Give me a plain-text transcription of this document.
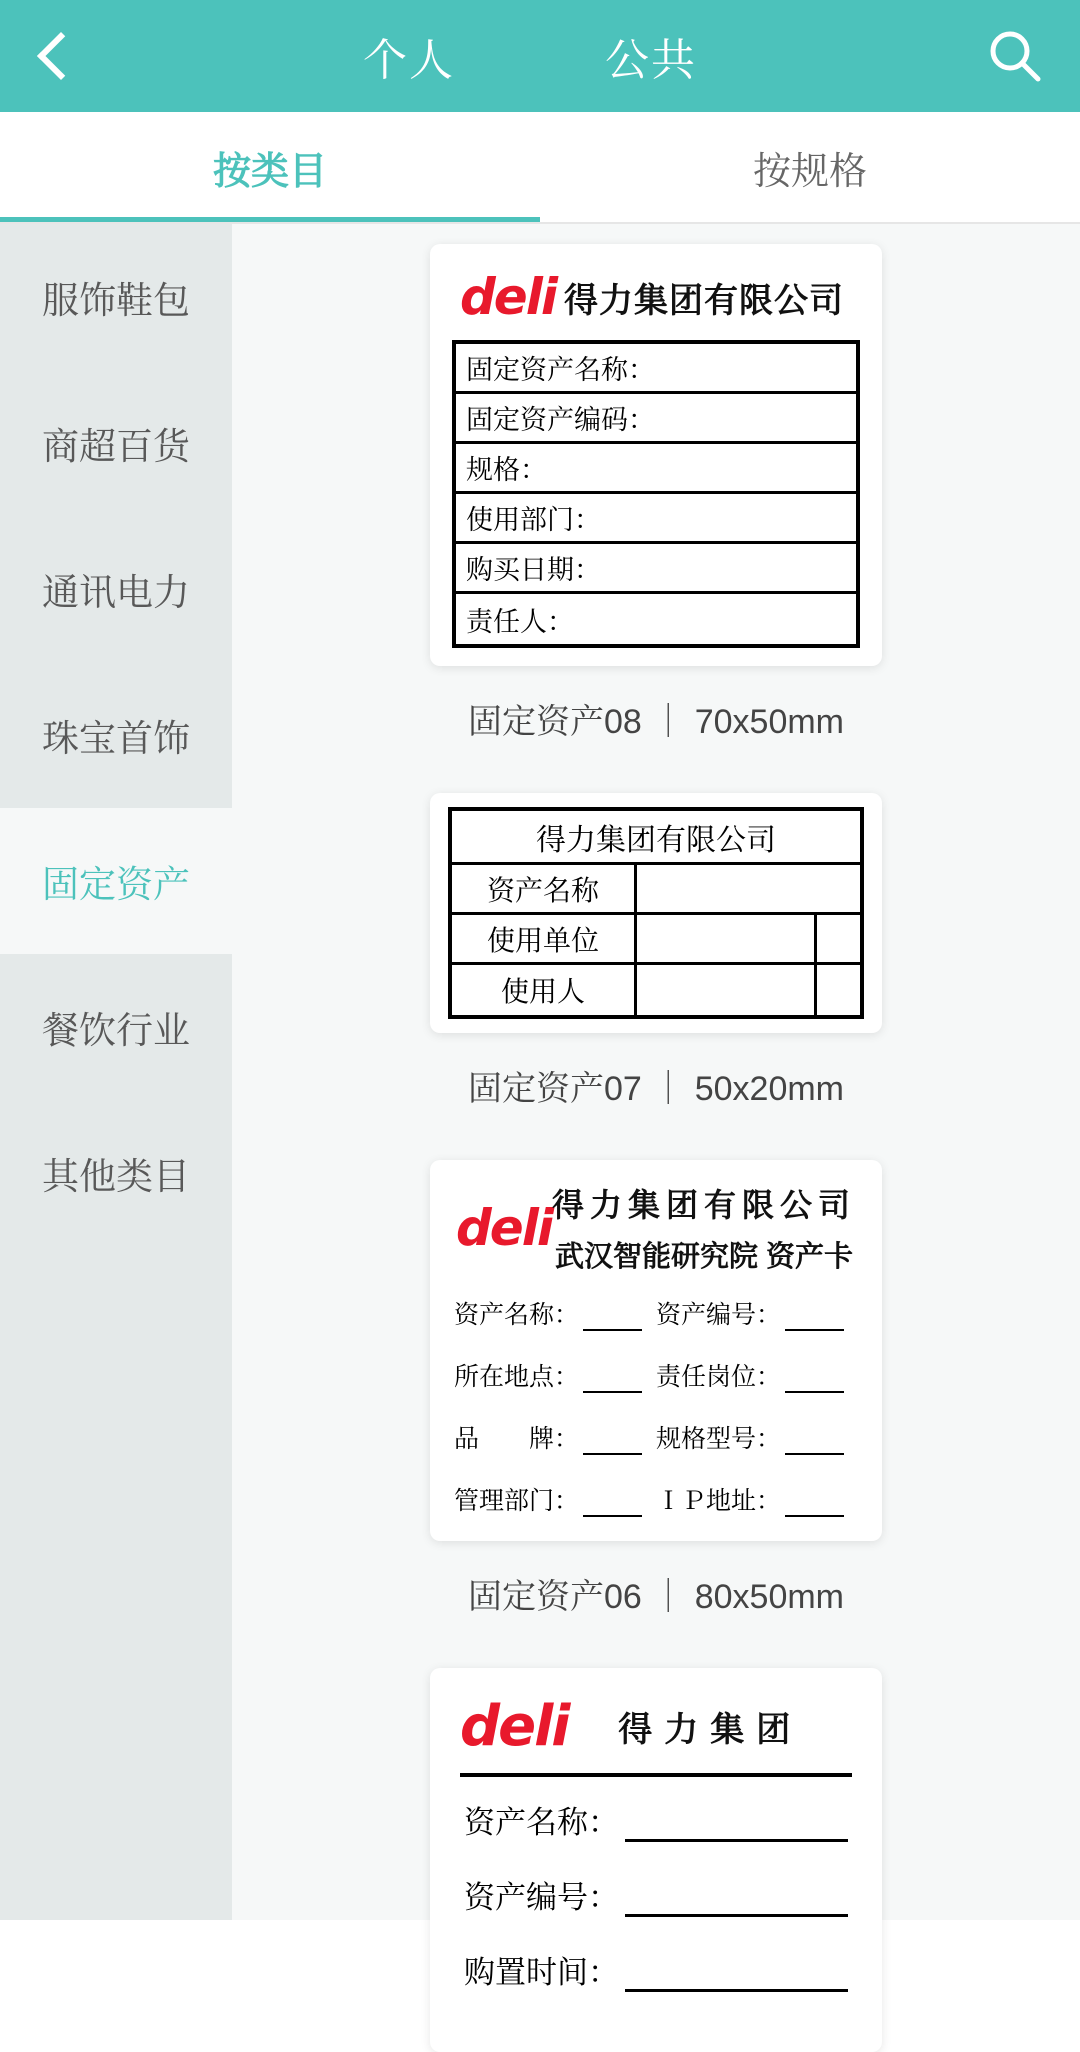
个人	公共
按类目	按规格
服饰鞋包
商超百货
通讯电力
珠宝首饰
固定资产
餐饮行业
其他类目
deli 得力集团有限公司
固定资产名称：
固定资产编码：
规格：
使用部门：
购买日期：
责任人：
固定资产08 ｜ 70x50mm
得力集团有限公司
资产名称
使用单位
使用人
固定资产07 ｜ 50x20mm
deli 得力集团有限公司
武汉智能研究院 资产卡
资产名称：	资产编号：
所在地点：	责任岗位：
品　　牌：	规格型号：
管理部门：	ＩＰ地址：
固定资产06 ｜ 80x50mm
deli	得力集团
资产名称：
资产编号：
购置时间：
